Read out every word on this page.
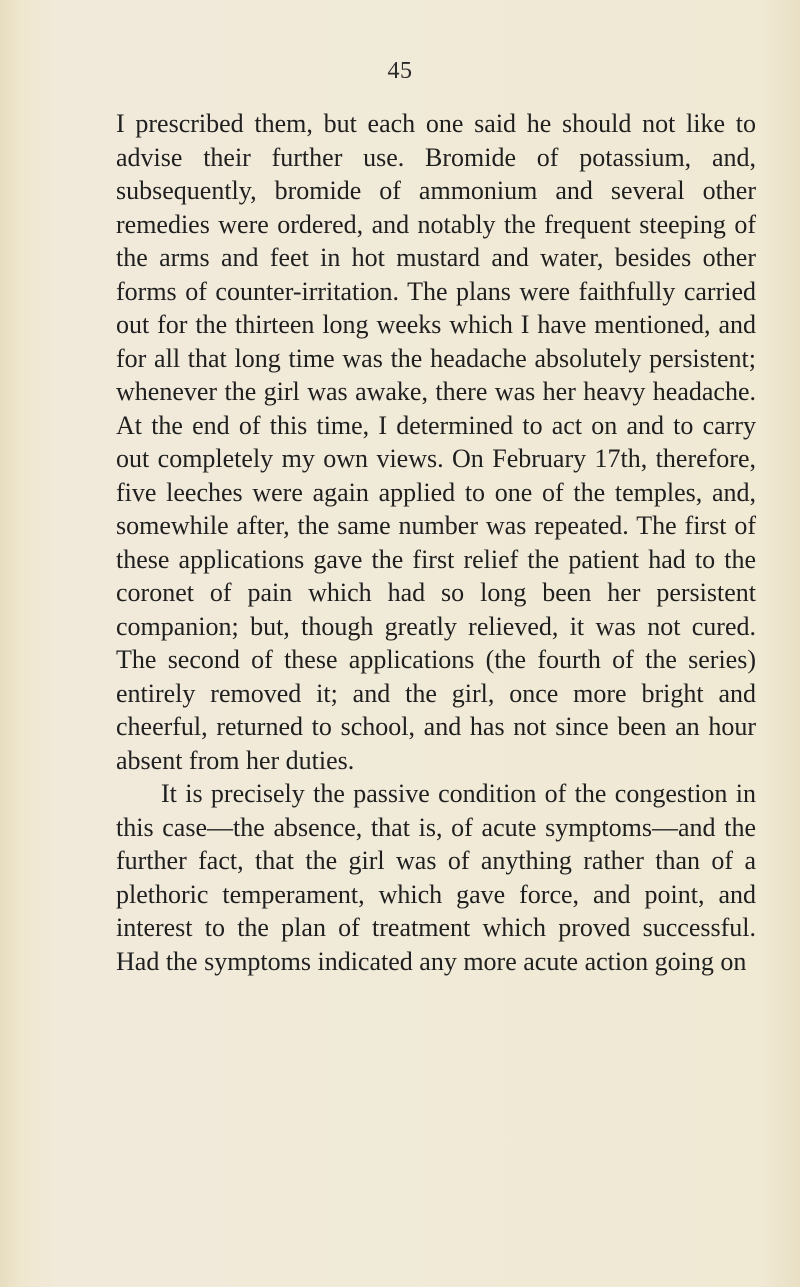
45

I prescribed them, but each one said he should not like to advise their further use. Bromide of potassium, and, subsequently, bromide of ammonium and several other remedies were ordered, and notably the frequent steeping of the arms and feet in hot mustard and water, besides other forms of counter-irritation. The plans were faithfully carried out for the thirteen long weeks which I have mentioned, and for all that long time was the headache absolutely persistent; whenever the girl was awake, there was her heavy headache. At the end of this time, I determined to act on and to carry out completely my own views. On February 17th, therefore, five leeches were again applied to one of the temples, and, somewhile after, the same number was repeated. The first of these applications gave the first relief the patient had to the coronet of pain which had so long been her persistent companion; but, though greatly relieved, it was not cured. The second of these applications (the fourth of the series) entirely removed it; and the girl, once more bright and cheerful, returned to school, and has not since been an hour absent from her duties.

It is precisely the passive condition of the congestion in this case—the absence, that is, of acute symptoms—and the further fact, that the girl was of anything rather than of a plethoric temperament, which gave force, and point, and interest to the plan of treatment which proved successful. Had the symptoms indicated any more acute action going on
